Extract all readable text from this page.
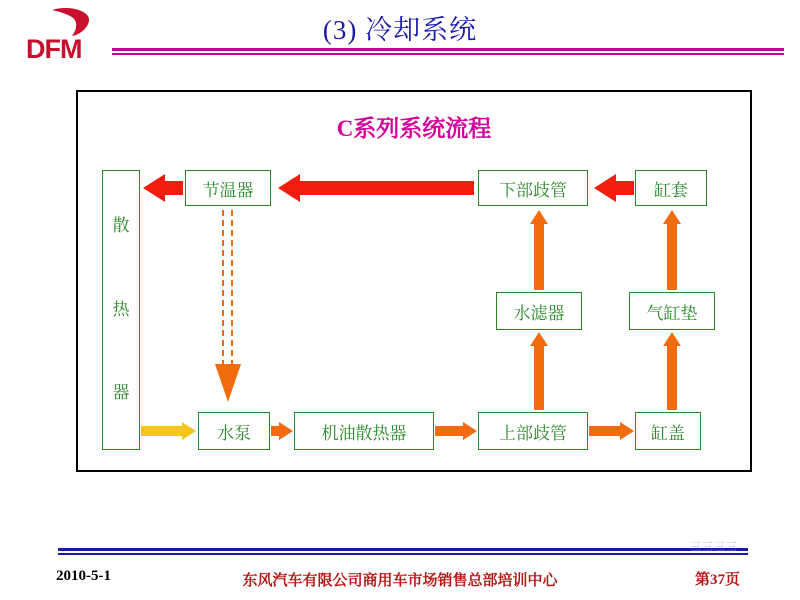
DFM
(3) 冷却系统
C系列系统流程
散
热
器
节温器
水泵	机油散热器	上部歧管	缸盖
水滤器	气缸垫
下部歧管	缸套
三三三三
2010-5-1	东风汽车有限公司商用车市场销售总部培训中心	第37页
